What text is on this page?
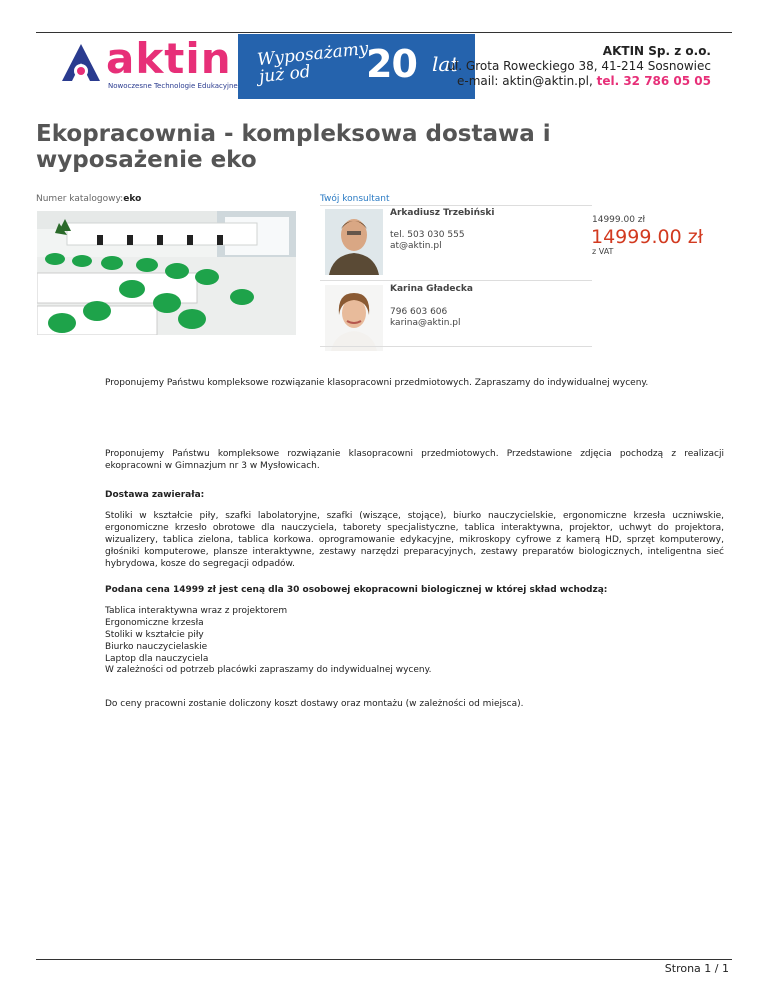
aktin
Nowoczesne Technologie Edukacyjne
Wyposażamy już od	20 lat
AKTIN Sp. z o.o.
ul. Grota Roweckiego 38, 41-214 Sosnowiec
e-mail: aktin@aktin.pl, tel. 32 786 05 05
Ekopracownia - kompleksowa dostawa i wyposażenie eko
Numer katalogowy:eko	Twój konsultant
Arkadiusz Trzebiński
tel. 503 030 555
at@aktin.pl
Karina Gładecka
796 603 606
karina@aktin.pl
14999.00 zł
14999.00 zł
z VAT
Proponujemy Państwu kompleksowe rozwiązanie klasopracowni przedmiotowych. Zapraszamy do indywidualnej wyceny.
Proponujemy Państwu kompleksowe rozwiązanie klasopracowni przedmiotowych. Przedstawione zdjęcia pochodzą z realizacji ekopracowni w Gimnazjum nr 3 w Mysłowicach.
Dostawa zawierała:
Stoliki w kształcie piły, szafki labolatoryjne, szafki (wiszące, stojące), biurko nauczycielskie, ergonomiczne krzesła uczniwskie, ergonomiczne krzesło obrotowe dla nauczyciela, taborety specjalistyczne, tablica interaktywna, projektor, uchwyt do projektora, wizualizery, tablica zielona, tablica korkowa. oprogramowanie edykacyjne, mikroskopy cyfrowe z kamerą HD, sprzęt komputerowy, głośniki komputerowe, plansze interaktywne, zestawy narzędzi preparacyjnych, zestawy preparatów biologicznych, inteligentna sieć hybrydowa, kosze do segregacji odpadów.
Podana cena 14999 zł jest ceną dla 30 osobowej ekopracowni biologicznej w której skład wchodzą:
Tablica interaktywna wraz z projektorem
Ergonomiczne krzesła
Stoliki w kształcie piły
Biurko nauczycielaskie
Laptop dla nauczyciela
W zależności od potrzeb placówki zapraszamy do indywidualnej wyceny.
Do ceny pracowni zostanie doliczony koszt dostawy oraz montażu (w zależności od miejsca).
Strona 1 / 1
